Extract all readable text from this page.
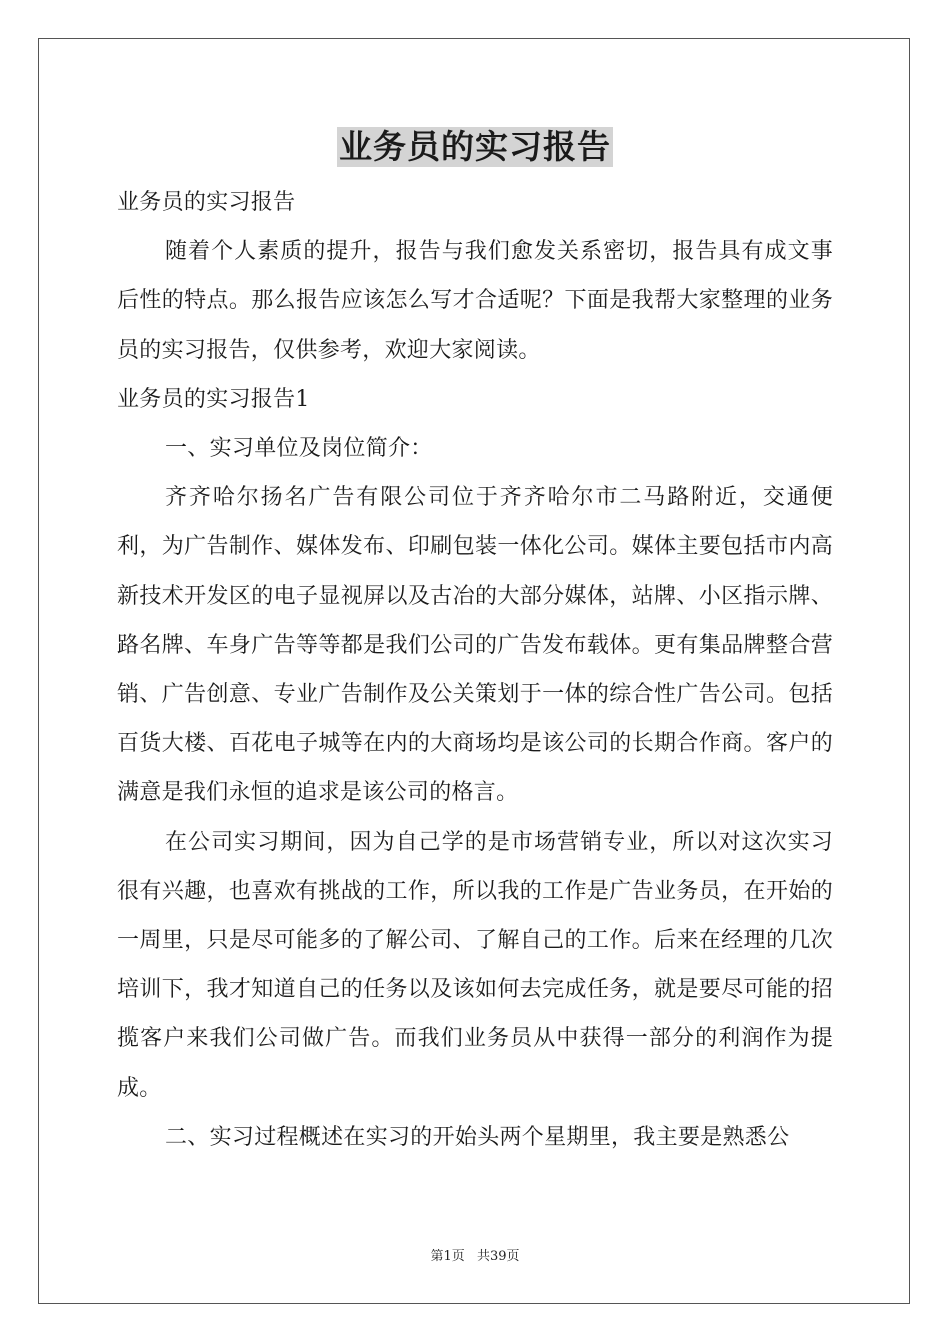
业务员的实习报告

业务员的实习报告

随着个人素质的提升，报告与我们愈发关系密切，报告具有成文事后性的特点。那么报告应该怎么写才合适呢？下面是我帮大家整理的业务员的实习报告，仅供参考，欢迎大家阅读。

业务员的实习报告1

一、实习单位及岗位简介：

齐齐哈尔扬名广告有限公司位于齐齐哈尔市二马路附近，交通便利，为广告制作、媒体发布、印刷包装一体化公司。媒体主要包括市内高新技术开发区的电子显视屏以及古冶的大部分媒体，站牌、小区指示牌、路名牌、车身广告等等都是我们公司的广告发布载体。更有集品牌整合营销、广告创意、专业广告制作及公关策划于一体的综合性广告公司。包括百货大楼、百花电子城等在内的大商场均是该公司的长期合作商。客户的满意是我们永恒的追求是该公司的格言。

在公司实习期间，因为自己学的是市场营销专业，所以对这次实习很有兴趣，也喜欢有挑战的工作，所以我的工作是广告业务员，在开始的一周里，只是尽可能多的了解公司、了解自己的工作。后来在经理的几次培训下，我才知道自己的任务以及该如何去完成任务，就是要尽可能的招揽客户来我们公司做广告。而我们业务员从中获得一部分的利润作为提成。

二、实习过程概述在实习的开始头两个星期里，我主要是熟悉公

第1页 共39页
